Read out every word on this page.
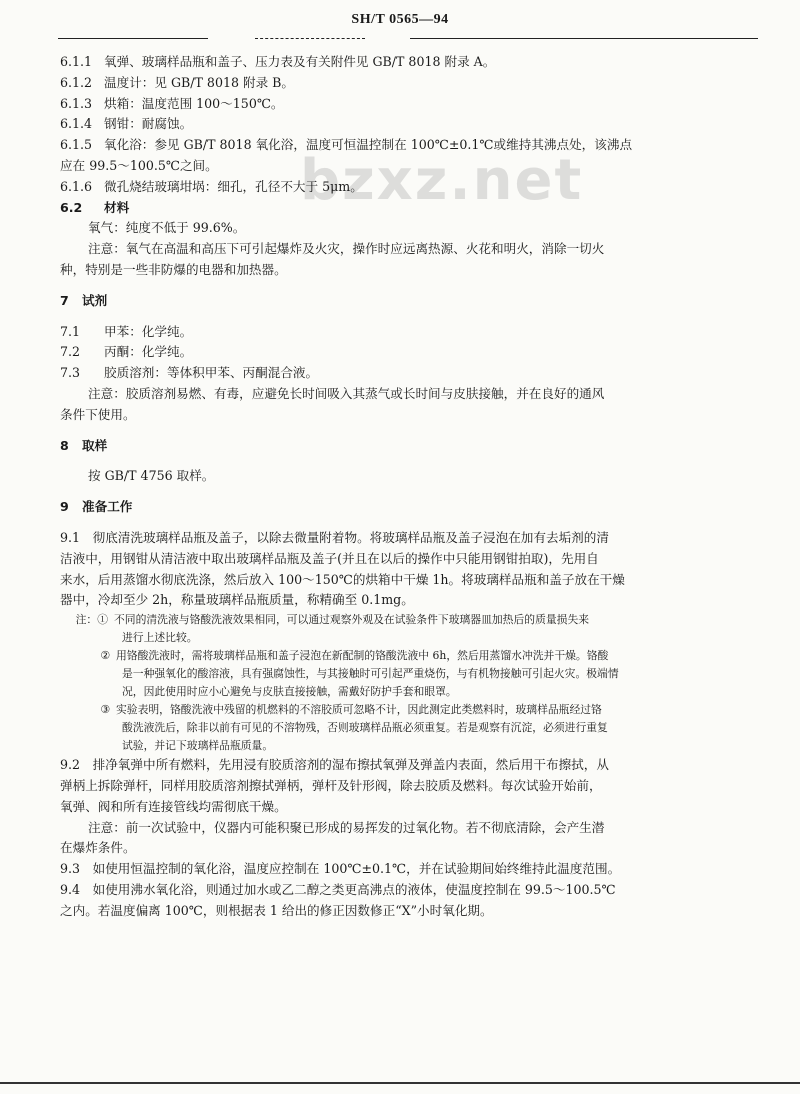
SH/T 0565—94
bzxz.net
6.1.1 氧弹、玻璃样品瓶和盖子、压力表及有关附件见 GB/T 8018 附录 A。
6.1.2 温度计：见 GB/T 8018 附录 B。
6.1.3 烘箱：温度范围 100～150℃。
6.1.4 钢钳：耐腐蚀。
6.1.5 氧化浴：参见 GB/T 8018 氧化浴，温度可恒温控制在 100℃±0.1℃或维持其沸点处，该沸点
应在 99.5～100.5℃之间。
6.1.6 微孔烧结玻璃坩埚：细孔，孔径不大于 5μm。
6.2 材料
氧气：纯度不低于 99.6%。
注意：氧气在高温和高压下可引起爆炸及火灾，操作时应远离热源、火花和明火，消除一切火
种，特别是一些非防爆的电器和加热器。
7 试剂
7.1 甲苯：化学纯。
7.2 丙酮：化学纯。
7.3 胶质溶剂：等体积甲苯、丙酮混合液。
注意：胶质溶剂易燃、有毒，应避免长时间吸入其蒸气或长时间与皮肤接触，并在良好的通风
条件下使用。
8 取样
按 GB/T 4756 取样。
9 准备工作
9.1　彻底清洗玻璃样品瓶及盖子，以除去微量附着物。将玻璃样品瓶及盖子浸泡在加有去垢剂的清
洁液中，用钢钳从清洁液中取出玻璃样品瓶及盖子(并且在以后的操作中只能用钢钳拍取)，先用自
来水，后用蒸馏水彻底洗涤，然后放入 100～150℃的烘箱中干燥 1h。将玻璃样品瓶和盖子放在干燥
器中，冷却至少 2h，称量玻璃样品瓶质量，称精确至 0.1mg。
注：① 不同的清洗液与铬酸洗液效果相同，可以通过观察外观及在试验条件下玻璃器皿加热后的质量损失来
进行上述比较。
② 用铬酸洗液时，需将玻璃样品瓶和盖子浸泡在新配制的铬酸洗液中 6h，然后用蒸馏水冲洗并干燥。铬酸
是一种强氧化的酸溶液，具有强腐蚀性，与其接触时可引起严重烧伤，与有机物接触可引起火灾。极端情
况，因此使用时应小心避免与皮肤直接接触，需戴好防护手套和眼罩。
③ 实验表明，铬酸洗液中残留的机燃料的不溶胶质可忽略不计，因此测定此类燃料时，玻璃样品瓶经过铬
酸洗液洗后，除非以前有可见的不溶物残，否则玻璃样品瓶必须重复。若是观察有沉淀，必须进行重复
试验，并记下玻璃样品瓶质量。
9.2　排净氧弹中所有燃料，先用浸有胶质溶剂的湿布擦拭氧弹及弹盖内表面，然后用干布擦拭，从
弹柄上拆除弹杆，同样用胶质溶剂擦拭弹柄，弹杆及针形阀，除去胶质及燃料。每次试验开始前，
氧弹、阀和所有连接管线均需彻底干燥。
注意：前一次试验中，仪器内可能积聚已形成的易挥发的过氧化物。若不彻底清除，会产生潜
在爆炸条件。
9.3　如使用恒温控制的氧化浴，温度应控制在 100℃±0.1℃，并在试验期间始终维持此温度范围。
9.4　如使用沸水氧化浴，则通过加水或乙二醇之类更高沸点的液体，使温度控制在 99.5～100.5℃
之内。若温度偏离 100℃，则根据表 1 给出的修正因数修正“X”小时氧化期。
